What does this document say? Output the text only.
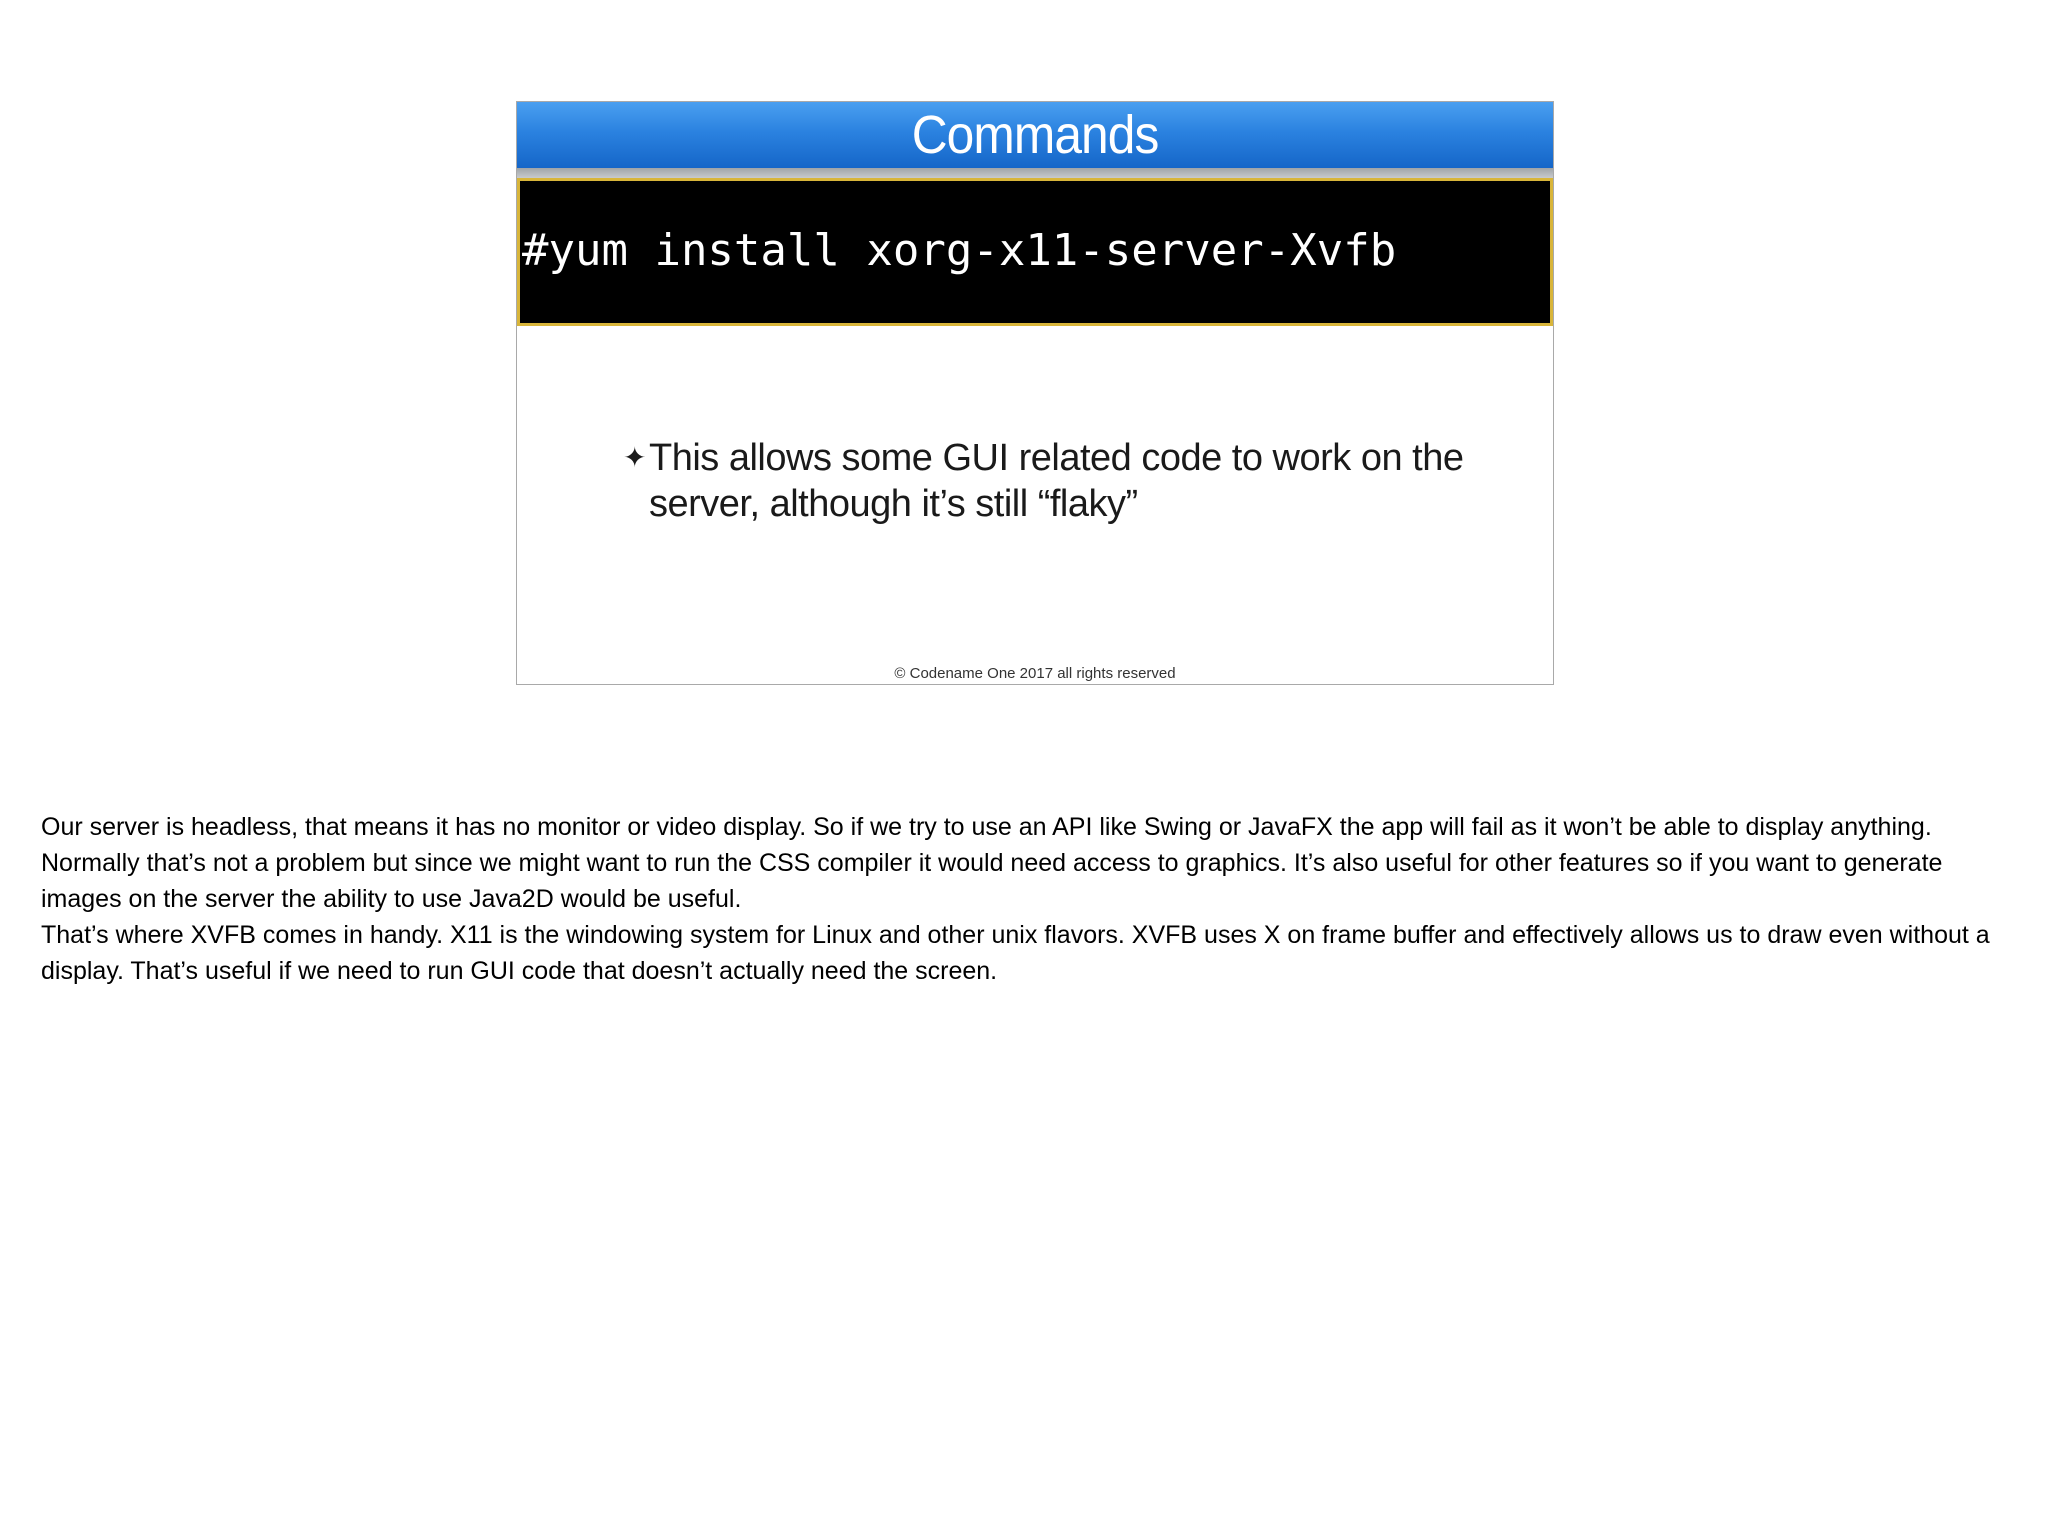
Commands
#yum install xorg-x11-server-Xvfb
✦ This allows some GUI related code to work on the
server, although it’s still “flaky”
© Codename One 2017 all rights reserved

Our server is headless, that means it has no monitor or video display. So if we try to use an API like Swing or JavaFX the app will fail as it won’t be able to display anything. Normally that’s not a problem but since we might want to run the CSS compiler it would need access to graphics. It’s also useful for other features so if you want to generate images on the server the ability to use Java2D would be useful.

That’s where XVFB comes in handy. X11 is the windowing system for Linux and other unix flavors. XVFB uses X on frame buffer and effectively allows us to draw even without a display. That’s useful if we need to run GUI code that doesn’t actually need the screen.
